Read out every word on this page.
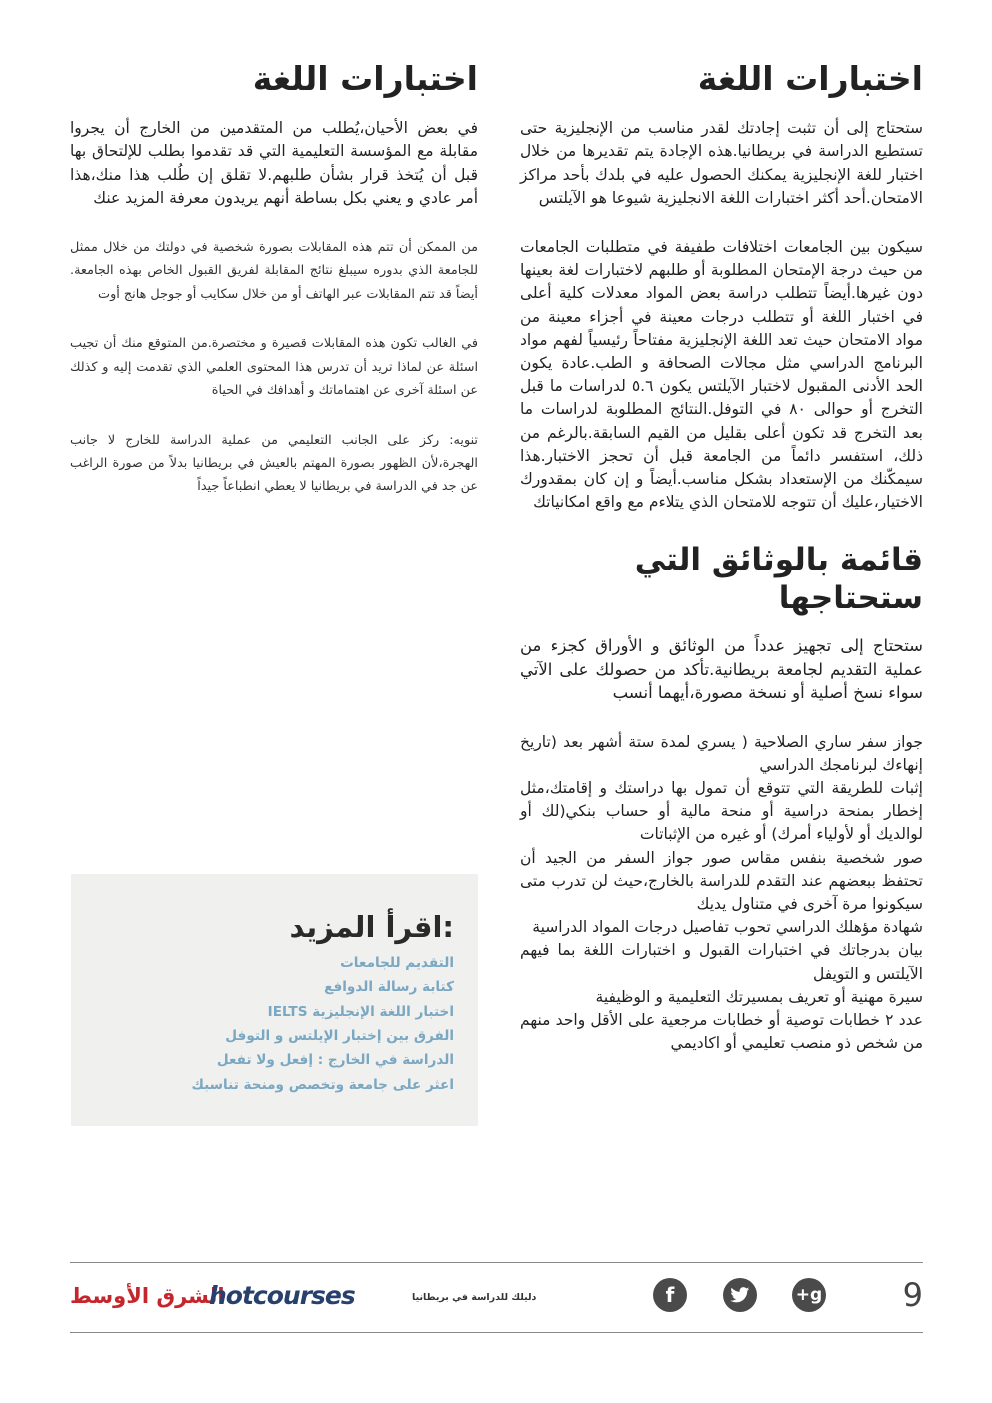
اختبارات اللغة

ستحتاج إلى أن تثبت إجادتك لقدر مناسب من الإنجليزية حتى تستطيع الدراسة في بريطانيا.هذه الإجادة يتم تقديرها من خلال اختبار للغة الإنجليزية يمكنك الحصول عليه في بلدك بأحد مراكز الامتحان.أحد أكثر اختبارات اللغة الانجليزية شيوعا هو الآيلتس

سيكون بين الجامعات اختلافات طفيفة في متطلبات الجامعات من حيث درجة الإمتحان المطلوبة أو طلبهم لاختبارات لغة بعينها دون غيرها.أيضاً تتطلب دراسة بعض المواد معدلات كلية أعلى في اختبار اللغة أو تتطلب درجات معينة في أجزاء معينة من مواد الامتحان حيث تعد اللغة الإنجليزية مفتاحاً رئيسياً لفهم مواد البرنامج الدراسي مثل مجالات الصحافة و الطب.عادة يكون الحد الأدنى المقبول لاختبار الآيلتس يكون ٥.٦ لدراسات ما قبل التخرج أو حوالى ٨٠ في التوفل.النتائج المطلوبة لدراسات ما بعد التخرج قد تكون أعلى بقليل من القيم السابقة.بالرغم من ذلك، استفسر دائماً من الجامعة قبل أن تحجز الاختبار.هذا سيمكّنك من الإستعداد بشكل مناسب.أيضاً و إن كان بمقدورك الاختيار،عليك أن تتوجه للامتحان الذي يتلاءم مع واقع امكانياتك

قائمة بالوثائق التي ستحتاجها

ستحتاج إلى تجهيز عدداً من الوثائق و الأوراق كجزء من عملية التقديم لجامعة بريطانية.تأكد من حصولك على الآتي سواء نسخ أصلية أو نسخة مصورة،أيهما أنسب

جواز سفر ساري الصلاحية ( يسري لمدة ستة أشهر بعد (تاريخ إنهاءك لبرنامجك الدراسي
إثبات للطريقة التي تتوقع أن تمول بها دراستك و إقامتك،مثل إخطار بمنحة دراسية أو منحة مالية أو حساب بنكي(لك أو لوالديك أو لأولياء أمرك) أو غيره من الإثباتات
صور شخصية بنفس مقاس صور جواز السفر من الجيد أن تحتفظ ببعضهم عند التقدم للدراسة بالخارج،حيث لن تدرب متى سيكونوا مرة آخرى في متناول يديك
شهادة مؤهلك الدراسي تحوب تفاصيل درجات المواد الدراسية
بيان بدرجاتك في اختبارات القبول و اختبارات اللغة بما فيهم الآيلتس و التويفل
سيرة مهنية أو تعريف بمسيرتك التعليمية و الوظيفية
عدد ٢ خطابات توصية أو خطابات مرجعية على الأقل واحد منهم من شخص ذو منصب تعليمي أو اكاديمي
اختبارات اللغة

في بعض الأحيان،يُطلب من المتقدمين من الخارج أن يجروا مقابلة مع المؤسسة التعليمية التي قد تقدموا بطلب للإلتحاق بها قبل أن يُتخذ قرار بشأن طلبهم.لا تقلق إن طُلب هذا منك،هذا أمر عادي و يعني بكل بساطة أنهم يريدون معرفة المزيد عنك

من الممكن أن تتم هذه المقابلات بصورة شخصية في دولتك من خلال ممثل للجامعة الذي بدوره سيبلغ نتائج المقابلة لفريق القبول الخاص بهذه الجامعة. أيضاً قد تتم المقابلات عبر الهاتف أو من خلال سكايب أو جوجل هانج أوت

في الغالب تكون هذه المقابلات قصيرة و مختصرة.من المتوقع منك أن تجيب اسئلة عن لماذا تريد أن تدرس هذا المحتوى العلمي الذي تقدمت إليه و كذلك عن اسئلة آخرى عن اهتماماتك و أهدافك في الحياة

تنويه: ركز على الجانب التعليمي من عملية الدراسة للخارج لا جانب الهجرة،لأن الظهور بصورة المهتم بالعيش في بريطانيا بدلاً من صورة الراغب عن جد في الدراسة في بريطانيا لا يعطي انطباعاً جيداً

:اقرأ المزيد
التقديم للجامعات
كتابة رسالة الدوافع
اختبار اللغة الإنجليزية IELTS
الفرق بين إختبار الإيلتس و التوفل
الدراسة في الخارج : إفعل ولا تفعل
اعثر على جامعة وتخصص ومنحة تناسبك
الشرق الأوسط
hotcourses	دليلك للدراسة في بريطانيا	f	g+	9
